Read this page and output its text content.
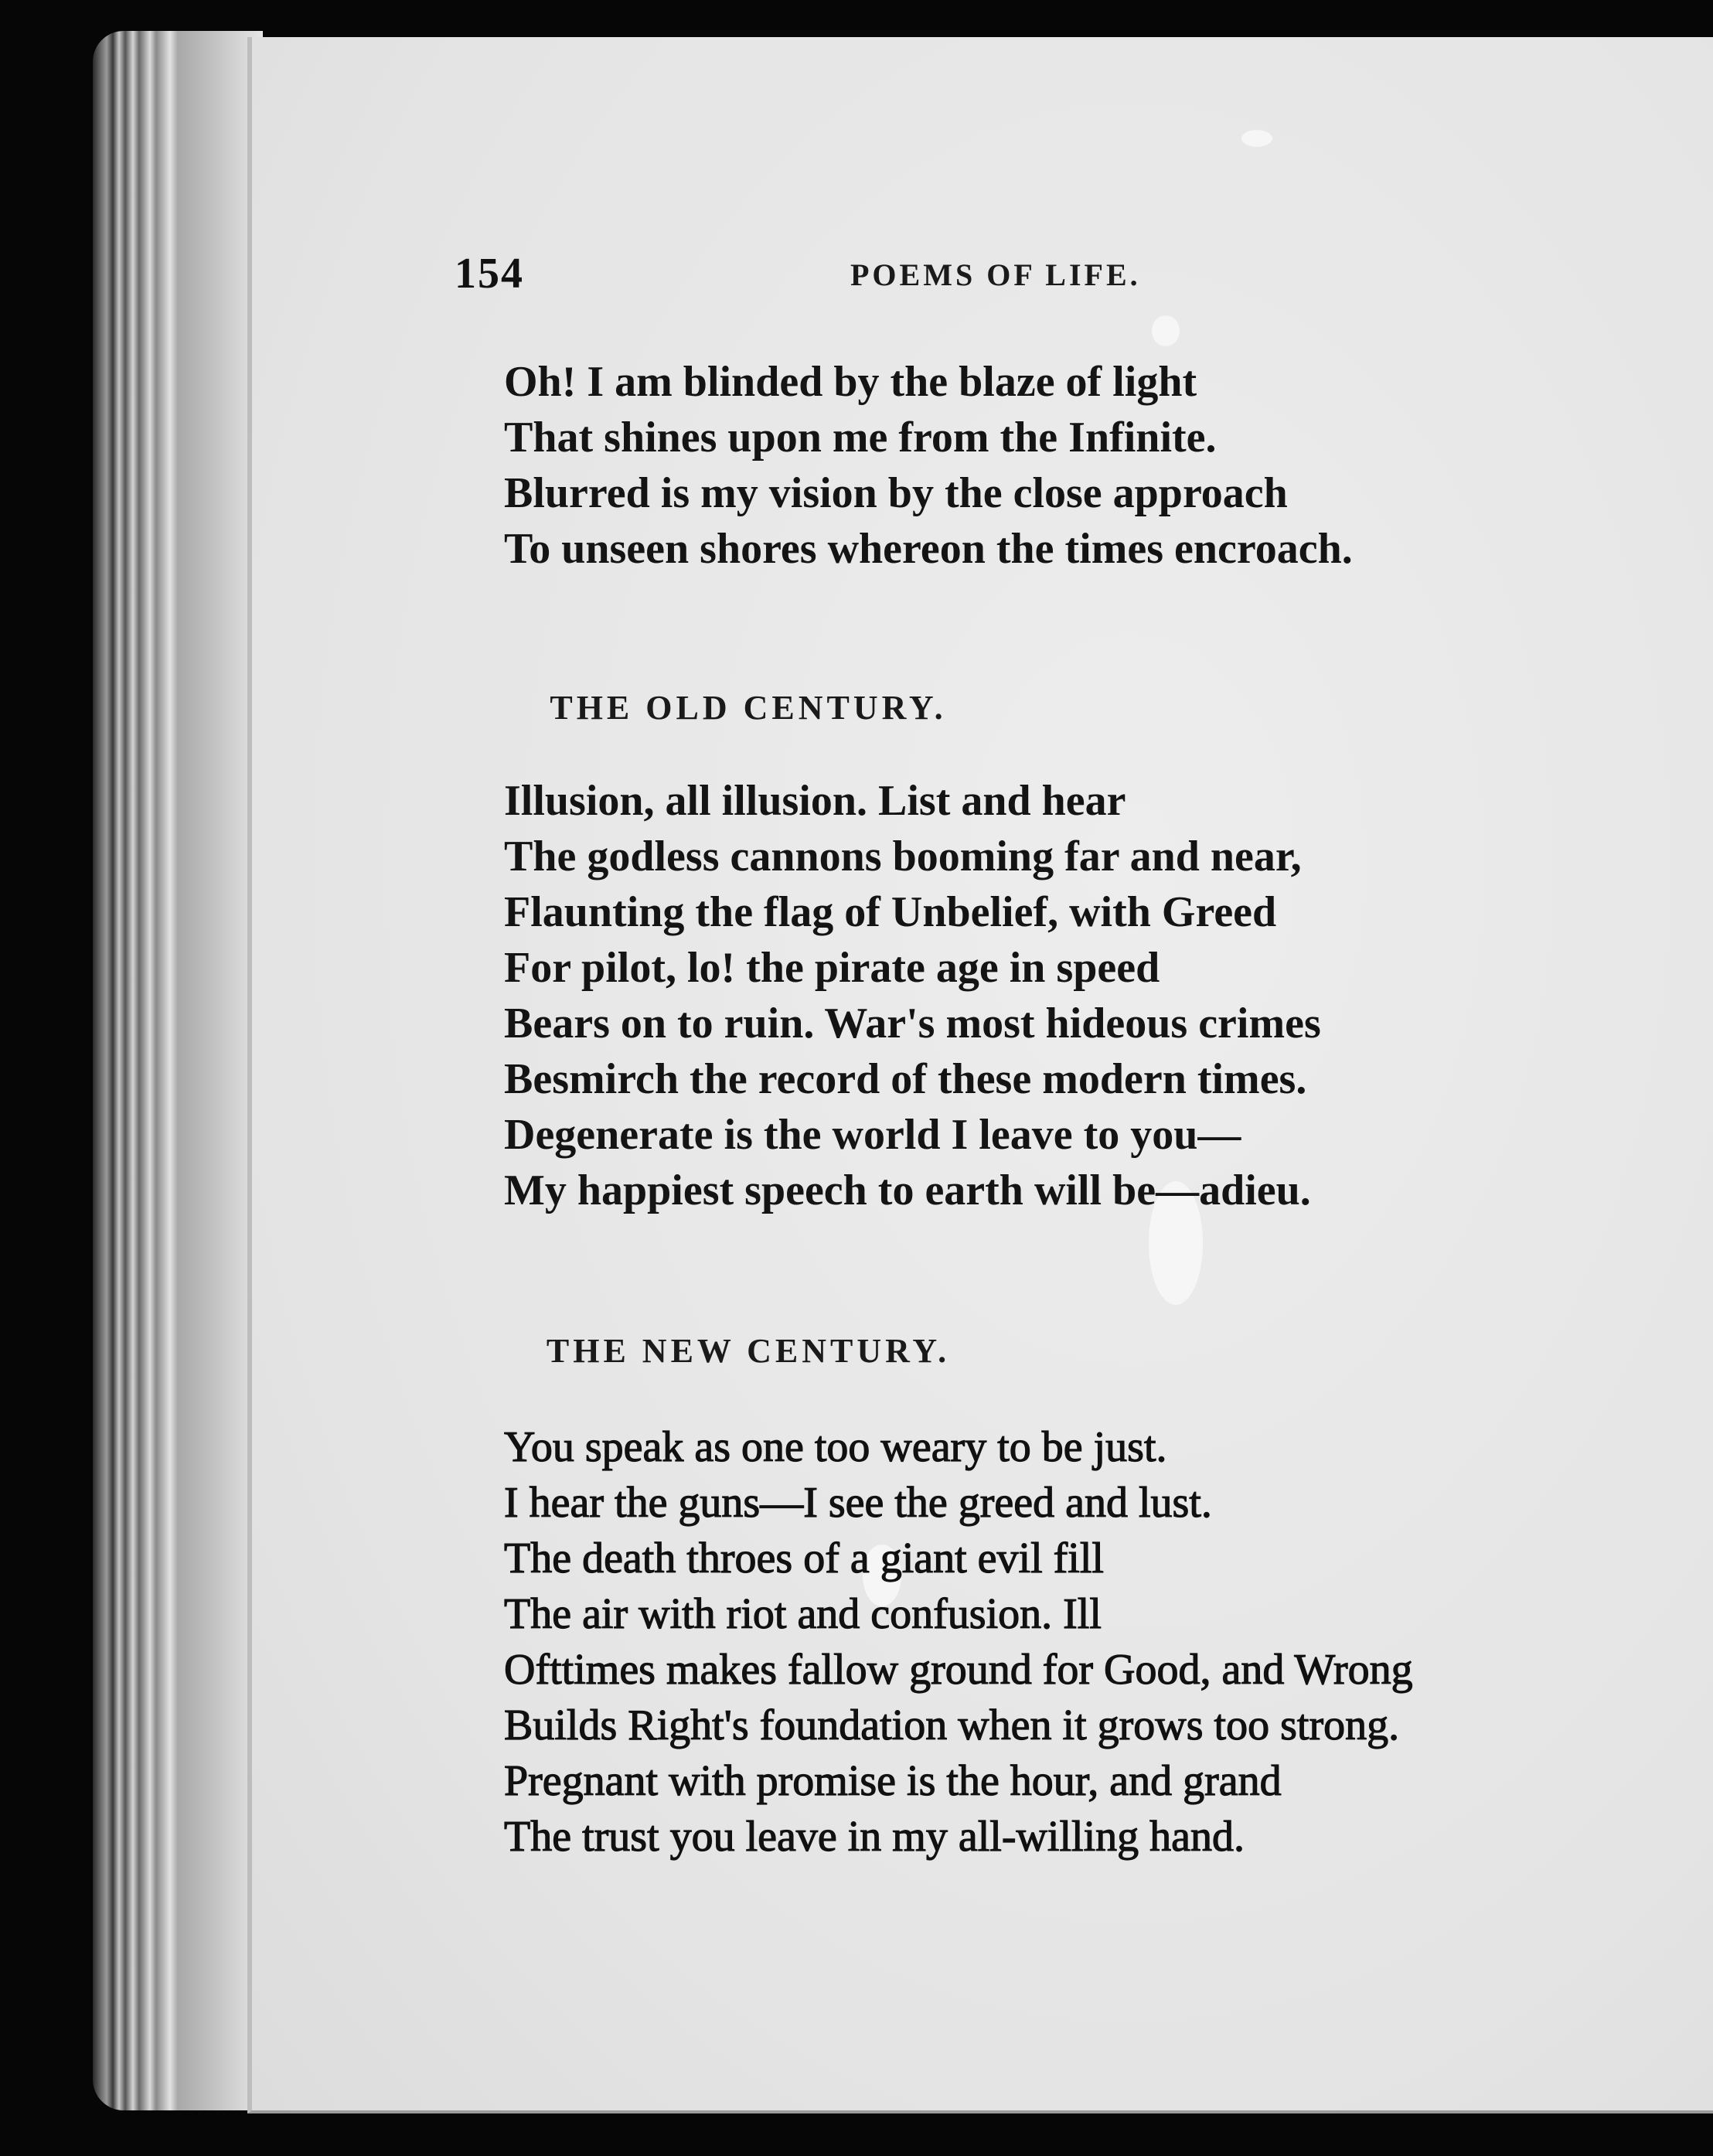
154	POEMS OF LIFE.
Oh! I am blinded by the blaze of light
That shines upon me from the Infinite.
Blurred is my vision by the close approach
To unseen shores whereon the times encroach.
THE OLD CENTURY.
Illusion, all illusion. List and hear
The godless cannons booming far and near,
Flaunting the flag of Unbelief, with Greed
For pilot, lo! the pirate age in speed
Bears on to ruin. War's most hideous crimes
Besmirch the record of these modern times.
Degenerate is the world I leave to you—
My happiest speech to earth will be—adieu.
THE NEW CENTURY.
You speak as one too weary to be just.
I hear the guns—I see the greed and lust.
The death throes of a giant evil fill
The air with riot and confusion. Ill
Ofttimes makes fallow ground for Good, and Wrong
Builds Right's foundation when it grows too strong.
Pregnant with promise is the hour, and grand
The trust you leave in my all-willing hand.
